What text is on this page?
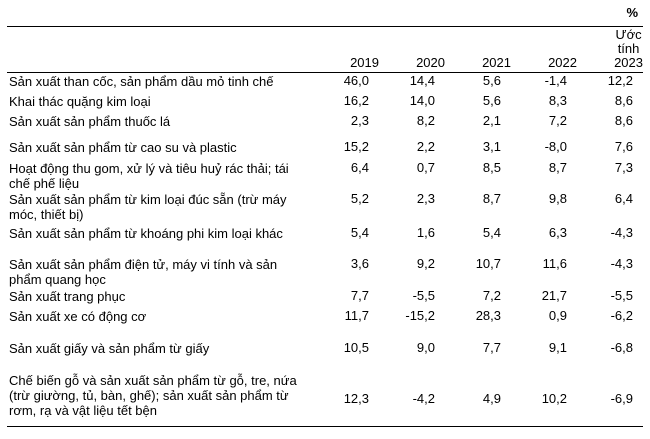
%
	2019	2020	2021	2022	Ước
tính
2023
Sản xuất than cốc, sản phẩm dầu mỏ tinh chế	46,0	14,4	5,6	-1,4	12,2
Khai thác quặng kim loại	16,2	14,0	5,6	8,3	8,6
Sản xuất sản phẩm thuốc lá	2,3	8,2	2,1	7,2	8,6
Sản xuất sản phẩm từ cao su và plastic	15,2	2,2	3,1	-8,0	7,6
Hoạt động thu gom, xử lý và tiêu huỷ rác thải; tái chế phế liệu	6,4	0,7	8,5	8,7	7,3
Sản xuất sản phẩm từ kim loại đúc sẵn (trừ máy móc, thiết bị)	5,2	2,3	8,7	9,8	6,4
Sản xuất sản phẩm từ khoáng phi kim loại khác	5,4	1,6	5,4	6,3	-4,3
Sản xuất sản phẩm điện tử, máy vi tính và sản phẩm quang học	3,6	9,2	10,7	11,6	-4,3
Sản xuất trang phục	7,7	-5,5	7,2	21,7	-5,5
Sản xuất xe có động cơ	11,7	-15,2	28,3	0,9	-6,2
Sản xuất giấy và sản phẩm từ giấy	10,5	9,0	7,7	9,1	-6,8
Chế biến gỗ và sản xuất sản phẩm từ gỗ, tre, nứa (trừ giường, tủ, bàn, ghế); sản xuất sản phẩm từ rơm, rạ và vật liệu tết bện	12,3	-4,2	4,9	10,2	-6,9
